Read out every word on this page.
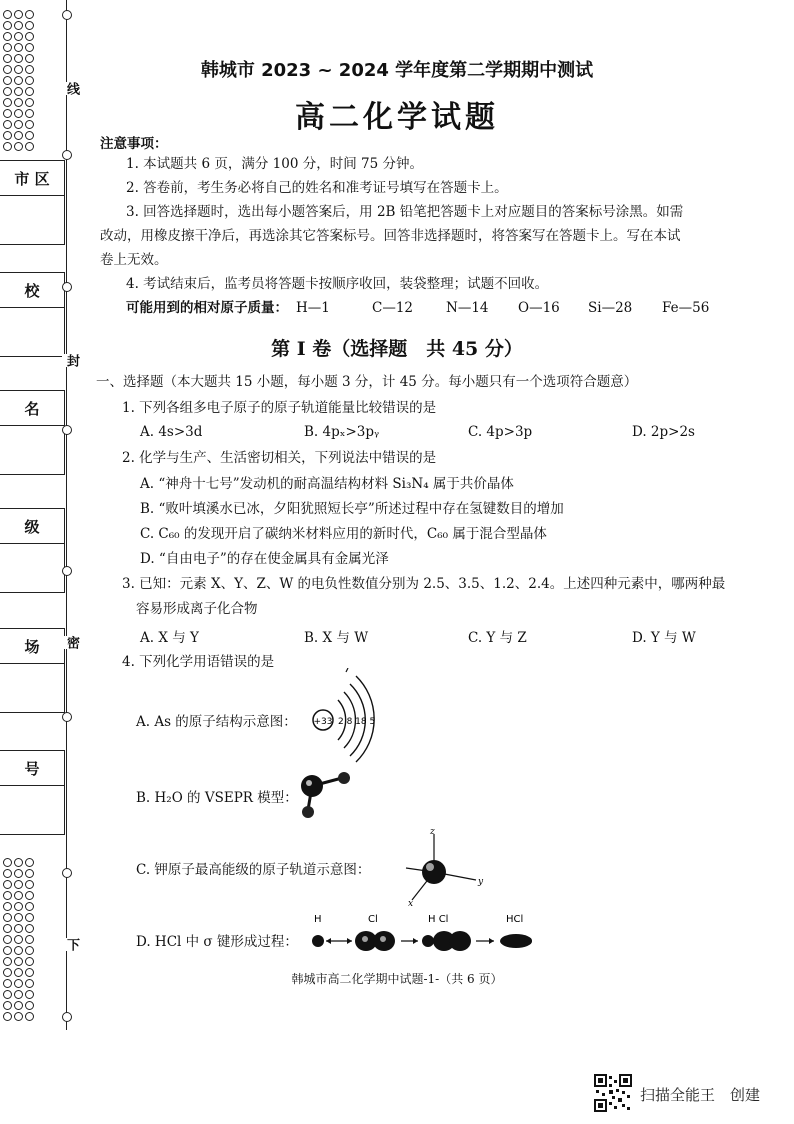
市 区
校
名
级
场
号
线
封
密
下
韩城市 2023 ~ 2024 学年度第二学期期中测试
高二化学试题
注意事项：
1. 本试题共 6 页，满分 100 分，时间 75 分钟。
2. 答卷前，考生务必将自己的姓名和准考证号填写在答题卡上。
3. 回答选择题时，选出每小题答案后，用 2B 铅笔把答题卡上对应题目的答案标号涂黑。如需
改动，用橡皮擦干净后，再选涂其它答案标号。回答非选择题时，将答案写在答题卡上。写在本试
卷上无效。
4. 考试结束后，监考员将答题卡按顺序收回，装袋整理；试题不回收。
可能用到的相对原子质量： H—1	C—12 N—14 O—16 Si—28 Fe—56
第 Ⅰ 卷（选择题　共 45 分）
一、选择题（本大题共 15 小题，每小题 3 分，计 45 分。每小题只有一个选项符合题意）
1. 下列各组多电子原子的原子轨道能量比较错误的是
A. 4s>3d	B. 4pₓ>3pᵧ	C. 4p>3p	D. 2p>2s
2. 化学与生产、生活密切相关，下列说法中错误的是
A. “神舟十七号”发动机的耐高温结构材料 Si₃N₄ 属于共价晶体
B. “败叶填溪水已冰，夕阳犹照短长亭”所述过程中存在氢键数目的增加
C. C₆₀ 的发现开启了碳纳米材料应用的新时代，C₆₀ 属于混合型晶体
D. “自由电子”的存在使金属具有金属光泽
3. 已知：元素 X、Y、Z、W 的电负性数值分别为 2.5、3.5、1.2、2.4。上述四种元素中，哪两种最
容易形成离子化合物
A. X 与 Y	B. X 与 W	C. Y 与 Z	D. Y 与 W
4. 下列化学用语错误的是
A. As 的原子结构示意图： +33 2 8 18 5
B. H₂O 的 VSEPR 模型：
C. 钾原子最高能级的原子轨道示意图：
z
y
x
D. HCl 中 σ 键形成过程：
H	Cl	H Cl	HCl
韩城市高二化学期中试题-1-（共 6 页）
扫描全能王　创建
